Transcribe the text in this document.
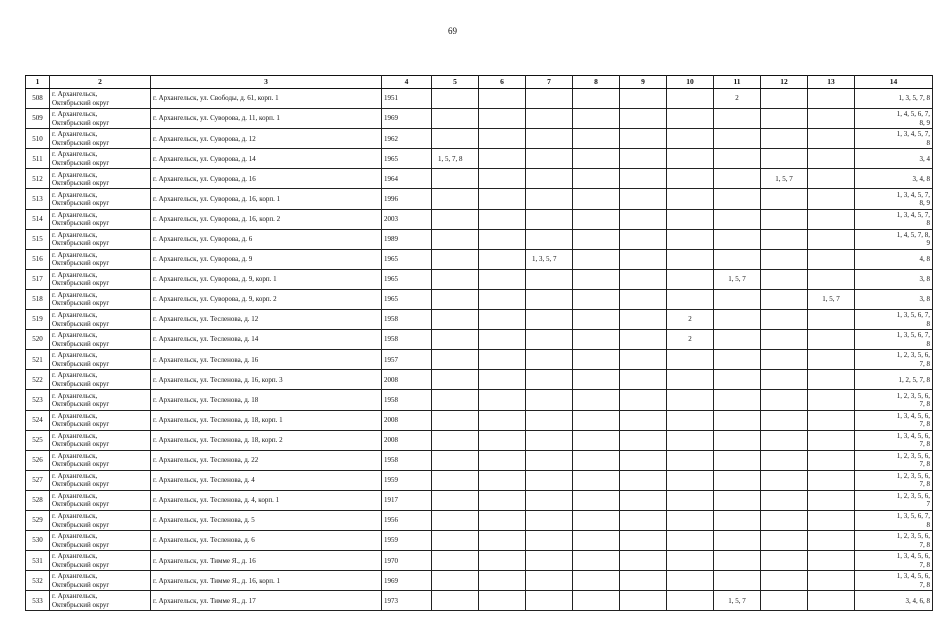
69
1	2	3	4	5	6	7	8	9	10	11	12	13	14
508	г. Архангельск,
Октябрьский округ	г. Архангельск, ул. Свободы, д. 61, корп. 1	1951							2			1, 3, 5, 7, 8
509	г. Архангельск,
Октябрьский округ	г. Архангельск, ул. Суворова, д. 11, корп. 1	1969										1, 4, 5, 6, 7,
8, 9
510	г. Архангельск,
Октябрьский округ	г. Архангельск, ул. Суворова, д. 12	1962										1, 3, 4, 5, 7,
8
511	г. Архангельск,
Октябрьский округ	г. Архангельск, ул. Суворова, д. 14	1965	1, 5, 7, 8									3, 4
512	г. Архангельск,
Октябрьский округ	г. Архангельск, ул. Суворова, д. 16	1964								1, 5, 7		3, 4, 8
513	г. Архангельск,
Октябрьский округ	г. Архангельск, ул. Суворова, д. 16, корп. 1	1996										1, 3, 4, 5, 7,
8, 9
514	г. Архангельск,
Октябрьский округ	г. Архангельск, ул. Суворова, д. 16, корп. 2	2003										1, 3, 4, 5, 7,
8
515	г. Архангельск,
Октябрьский округ	г. Архангельск, ул. Суворова, д. 6	1989										1, 4, 5, 7, 8,
9
516	г. Архангельск,
Октябрьский округ	г. Архангельск, ул. Суворова, д. 9	1965			1, 3, 5, 7							4, 8
517	г. Архангельск,
Октябрьский округ	г. Архангельск, ул. Суворова, д. 9, корп. 1	1965							1, 5, 7			3, 8
518	г. Архангельск,
Октябрьский округ	г. Архангельск, ул. Суворова, д. 9, корп. 2	1965									1, 5, 7	3, 8
519	г. Архангельск,
Октябрьский округ	г. Архангельск, ул. Тесленова, д. 12	1958						2				1, 3, 5, 6, 7,
8
520	г. Архангельск,
Октябрьский округ	г. Архангельск, ул. Тесленова, д. 14	1958						2				1, 3, 5, 6, 7,
8
521	г. Архангельск,
Октябрьский округ	г. Архангельск, ул. Тесленова, д. 16	1957										1, 2, 3, 5, 6,
7, 8
522	г. Архангельск,
Октябрьский округ	г. Архангельск, ул. Тесленова, д. 16, корп. 3	2008										1, 2, 5, 7, 8
523	г. Архангельск,
Октябрьский округ	г. Архангельск, ул. Тесленова, д. 18	1958										1, 2, 3, 5, 6,
7, 8
524	г. Архангельск,
Октябрьский округ	г. Архангельск, ул. Тесленова, д. 18, корп. 1	2008										1, 3, 4, 5, 6,
7, 8
525	г. Архангельск,
Октябрьский округ	г. Архангельск, ул. Тесленова, д. 18, корп. 2	2008										1, 3, 4, 5, 6,
7, 8
526	г. Архангельск,
Октябрьский округ	г. Архангельск, ул. Тесленова, д. 22	1958										1, 2, 3, 5, 6,
7, 8
527	г. Архангельск,
Октябрьский округ	г. Архангельск, ул. Тесленова, д. 4	1959										1, 2, 3, 5, 6,
7, 8
528	г. Архангельск,
Октябрьский округ	г. Архангельск, ул. Тесленова, д. 4, корп. 1	1917										1, 2, 3, 5, 6,
7
529	г. Архангельск,
Октябрьский округ	г. Архангельск, ул. Тесленова, д. 5	1956										1, 3, 5, 6, 7,
8
530	г. Архангельск,
Октябрьский округ	г. Архангельск, ул. Тесленова, д. 6	1959										1, 2, 3, 5, 6,
7, 8
531	г. Архангельск,
Октябрьский округ	г. Архангельск, ул. Тимме Я., д. 16	1970										1, 3, 4, 5, 6,
7, 8
532	г. Архангельск,
Октябрьский округ	г. Архангельск, ул. Тимме Я., д. 16, корп. 1	1969										1, 3, 4, 5, 6,
7, 8
533	г. Архангельск,
Октябрьский округ	г. Архангельск, ул. Тимме Я., д. 17	1973							1, 5, 7			3, 4, 6, 8
